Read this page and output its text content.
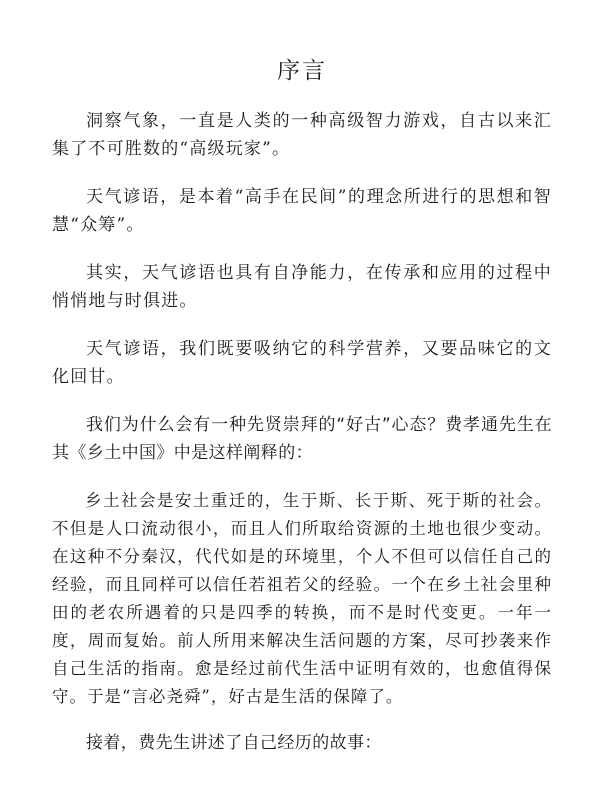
序言

洞察气象，一直是人类的一种高级智力游戏，自古以来汇集了不可胜数的“高级玩家”。

天气谚语，是本着“高手在民间”的理念所进行的思想和智慧“众筹”。

其实，天气谚语也具有自净能力，在传承和应用的过程中悄悄地与时俱进。

天气谚语，我们既要吸纳它的科学营养，又要品味它的文化回甘。

我们为什么会有一种先贤崇拜的“好古”心态？费孝通先生在其《乡土中国》中是这样阐释的：

乡土社会是安土重迁的，生于斯、长于斯、死于斯的社会。不但是人口流动很小，而且人们所取给资源的土地也很少变动。在这种不分秦汉，代代如是的环境里，个人不但可以信任自己的经验，而且同样可以信任若祖若父的经验。一个在乡土社会里种田的老农所遇着的只是四季的转换，而不是时代变更。一年一度，周而复始。前人所用来解决生活问题的方案，尽可抄袭来作自己生活的指南。愈是经过前代生活中证明有效的，也愈值得保守。于是“言必尧舜”，好古是生活的保障了。

接着，费先生讲述了自己经历的故事：
